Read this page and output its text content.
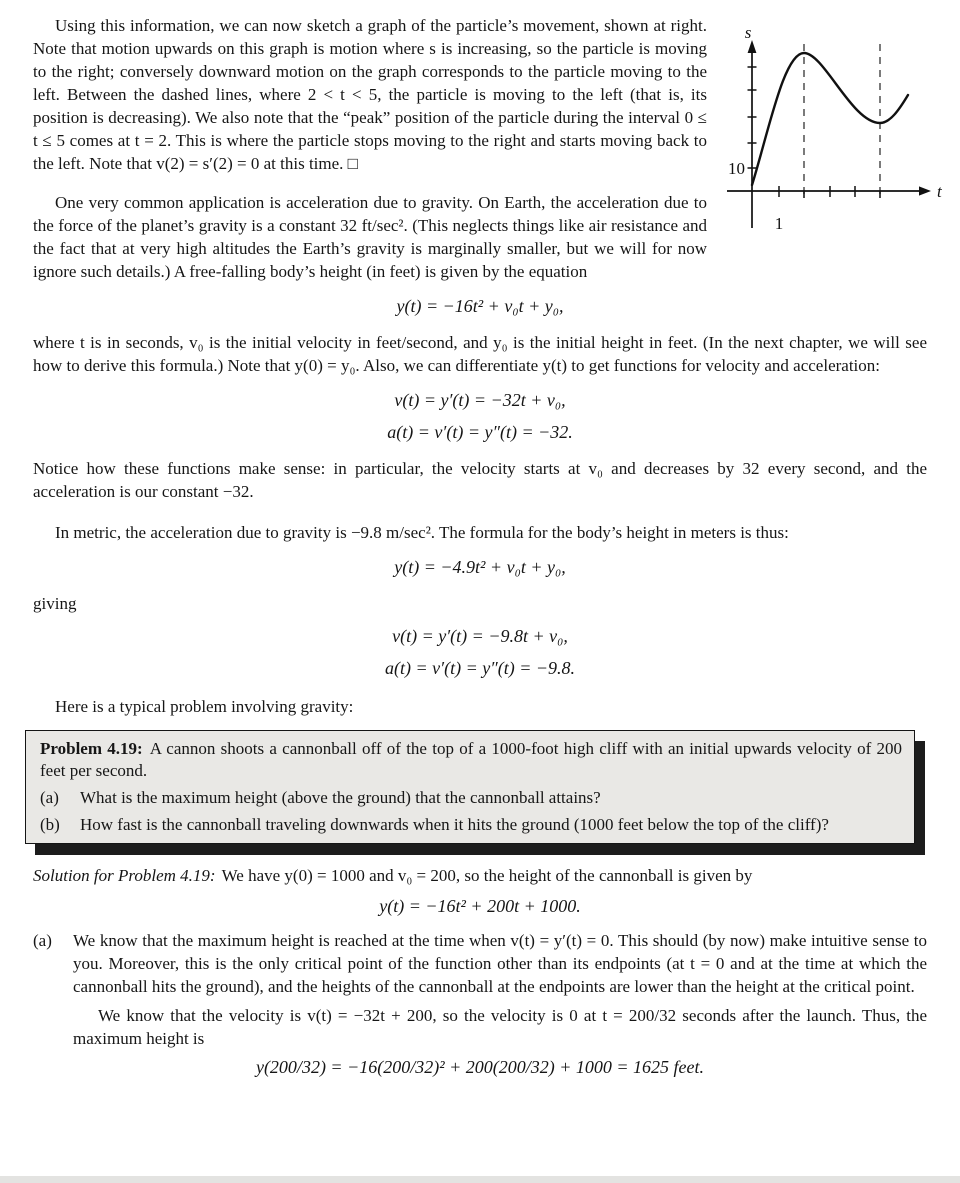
s
t
10
1

Using this information, we can now sketch a graph of the particle’s movement, shown at right. Note that motion upwards on this graph is motion where s is increasing, so the particle is moving to the right; conversely downward motion on the graph corresponds to the particle moving to the left. Between the dashed lines, where 2 < t < 5, the particle is moving to the left (that is, its position is decreasing). We also note that the “peak” position of the particle during the interval 0 ≤ t ≤ 5 comes at t = 2. This is where the particle stops moving to the right and starts moving back to the left. Note that v(2) = s′(2) = 0 at this time. □

One very common application is acceleration due to gravity. On Earth, the acceleration due to the force of the planet’s gravity is a constant 32 ft/sec². (This neglects things like air resistance and the fact that at very high altitudes the Earth’s gravity is marginally smaller, but we will for now ignore such details.) A free-falling body’s height (in feet) is given by the equation

y(t) = −16t² + v₀t + y₀,

where t is in seconds, v₀ is the initial velocity in feet/second, and y₀ is the initial height in feet. (In the next chapter, we will see how to derive this formula.) Note that y(0) = y₀. Also, we can differentiate y(t) to get functions for velocity and acceleration:

v(t) = y′(t) = −32t + v₀,
a(t) = v′(t) = y″(t) = −32.

Notice how these functions make sense: in particular, the velocity starts at v₀ and decreases by 32 every second, and the acceleration is our constant −32.

In metric, the acceleration due to gravity is −9.8 m/sec². The formula for the body’s height in meters is thus:

y(t) = −4.9t² + v₀t + y₀,

giving

v(t) = y′(t) = −9.8t + v₀,
a(t) = v′(t) = y″(t) = −9.8.

Here is a typical problem involving gravity:

Problem 4.19: A cannon shoots a cannonball off of the top of a 1000-foot high cliff with an initial upwards velocity of 200 feet per second.

(a)	What is the maximum height (above the ground) that the cannonball attains?
(b)	How fast is the cannonball traveling downwards when it hits the ground (1000 feet below the top of the cliff)?

Solution for Problem 4.19: We have y(0) = 1000 and v₀ = 200, so the height of the cannonball is given by

y(t) = −16t² + 200t + 1000.
(a)	We know that the maximum height is reached at the time when v(t) = y′(t) = 0. This should (by now) make intuitive sense to you. Moreover, this is the only critical point of the function other than its endpoints (at t = 0 and at the time at which the cannonball hits the ground), and the heights of the cannonball at the endpoints are lower than the height at the critical point.

We know that the velocity is v(t) = −32t + 200, so the velocity is 0 at t = 200/32 seconds after the launch. Thus, the maximum height is

y(200/32) = −16(200/32)² + 200(200/32) + 1000 = 1625 feet.
